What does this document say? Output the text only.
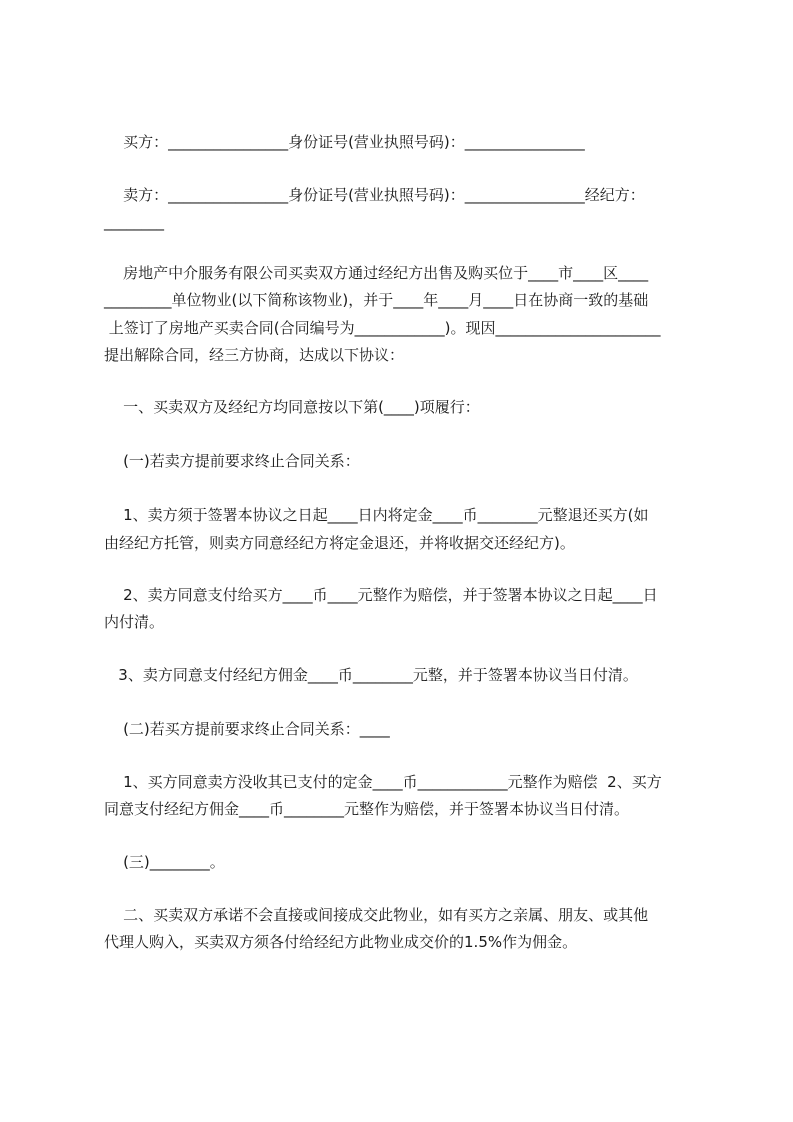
买方：________________身份证号(营业执照号码)：________________
卖方：________________身份证号(营业执照号码)：________________经纪方：
________
房地产中介服务有限公司买卖双方通过经纪方出售及购买位于____市____区____
_________单位物业(以下简称该物业)，并于____年____月____日在协商一致的基础
上签订了房地产买卖合同(合同编号为____________)。现因______________________
提出解除合同，经三方协商，达成以下协议：
一、买卖双方及经纪方均同意按以下第(____)项履行：
(一)若卖方提前要求终止合同关系：
1、卖方须于签署本协议之日起____日内将定金____币________元整退还买方(如
由经纪方托管，则卖方同意经纪方将定金退还，并将收据交还经纪方)。
2、卖方同意支付给买方____币____元整作为赔偿，并于签署本协议之日起____日
内付清。
3、卖方同意支付经纪方佣金____币________元整，并于签署本协议当日付清。
(二)若买方提前要求终止合同关系：____
1、买方同意卖方没收其已支付的定金____币____________元整作为赔偿  2、买方
同意支付经纪方佣金____币________元整作为赔偿，并于签署本协议当日付清。
(三)________。
二、买卖双方承诺不会直接或间接成交此物业，如有买方之亲属、朋友、或其他
代理人购入，买卖双方须各付给经纪方此物业成交价的1.5%作为佣金。
